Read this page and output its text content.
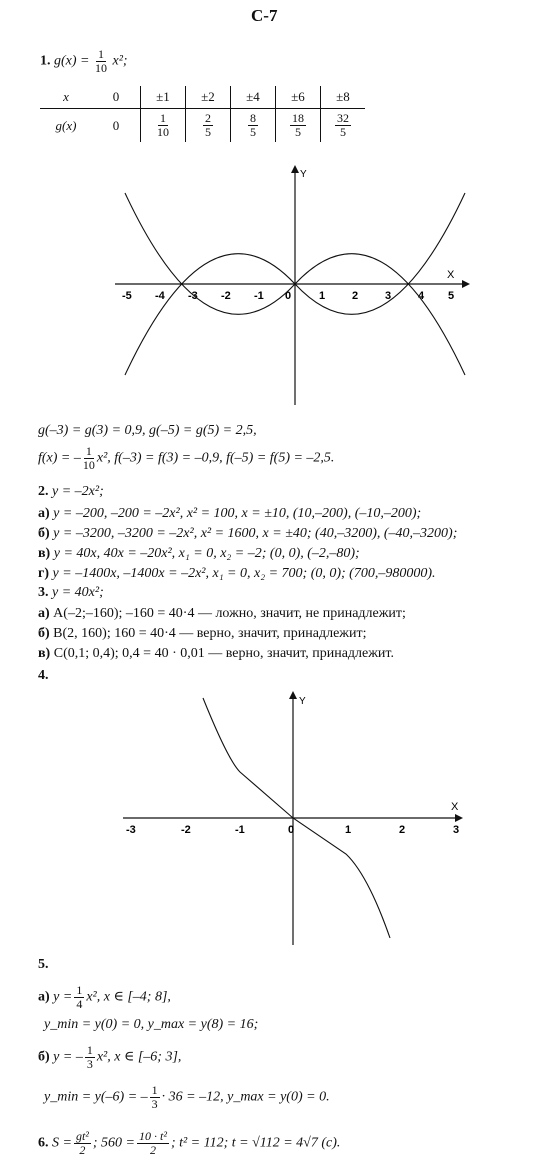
С-7
1. $g(x) = \frac{1}{10} x^2$;
x	0	±1	±2	±4	±6	±8
g(x)	0	$\frac{1}{10}$	$\frac{2}{5}$	$\frac{8}{5}$	$\frac{18}{5}$	$\frac{32}{5}$
Y
X
-5 -4 -3 -2 -1 0	1 2 3 4 5
g(–3) = g(3) = 0,9, g(–5) = g(5) = 2,5,
f(x) = – $\frac{1}{10} x^2$, f(–3) = f(3) = –0,9, f(–5) = f(5) = –2,5.
2. y = –2x²;
а) y = –200, –200 = –2x², x² = 100, x = ±10, (10,–200), (–10,–200);
б) y = –3200, –3200 = –2x², x² = 1600, x = ±40; (40,–3200), (–40,–3200);
в) y = 40x, 40x = –20x², x₁ = 0, x₂ = –2; (0, 0), (–2,–80);
г) y = –1400x, –1400x = –2x², x₁ = 0, x₂ = 700; (0, 0); (700,–980000).
3. y = 40x²;
а) A(–2;–160); –160 = 40·4 — ложно, значит, не принадлежит;
б) B(2, 160); 160 = 40·4 — верно, значит, принадлежит;
в) C(0,1; 0,4); 0,4 = 40 · 0,01 — верно, значит, принадлежит.
4.
Y
X
-3	-2	-1	0	1	2	3
5.
а) $y = \frac{1}{4} x^2$, x ∈ [–4; 8],
y_min = y(0) = 0, y_max = y(8) = 16;
б) y = – $\frac{1}{3} x^2$, x ∈ [–6; 3],
y_min = y(–6) = – $\frac{1}{3} \cdot 36 = -12$, y_max = y(0) = 0.
6. $S = \frac{\text{gt²}}{2}$ ; $560 = \frac{\text{10 · t²}}{2}$ ; t² = 112; t = √112 = 4√7 (с).
